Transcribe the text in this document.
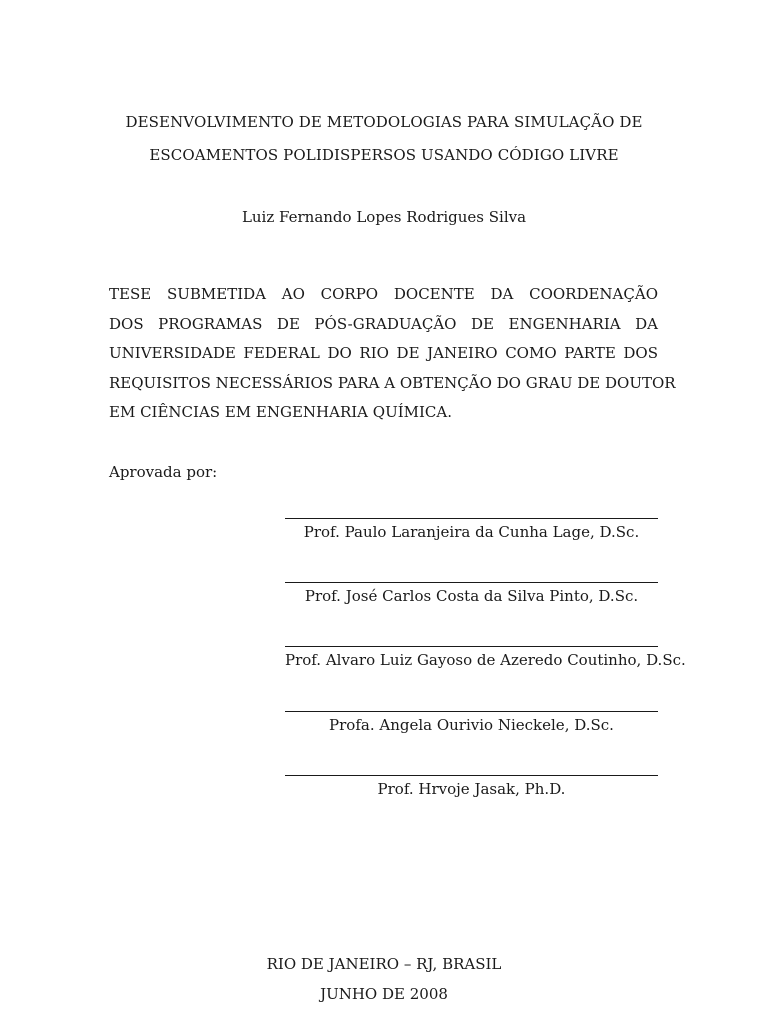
DESENVOLVIMENTO DE METODOLOGIAS PARA SIMULAÇÃO DE
ESCOAMENTOS POLIDISPERSOS USANDO CÓDIGO LIVRE
Luiz Fernando Lopes Rodrigues Silva
TESE SUBMETIDA AO CORPO DOCENTE DA COORDENAÇÃO
DOS PROGRAMAS DE PÓS-GRADUAÇÃO DE ENGENHARIA DA
UNIVERSIDADE FEDERAL DO RIO DE JANEIRO COMO PARTE DOS
REQUISITOS NECESSÁRIOS PARA A OBTENÇÃO DO GRAU DE DOUTOR
EM CIÊNCIAS EM ENGENHARIA QUÍMICA.
Aprovada por:
Prof. Paulo Laranjeira da Cunha Lage, D.Sc.
Prof. José Carlos Costa da Silva Pinto, D.Sc.
Prof. Alvaro Luiz Gayoso de Azeredo Coutinho, D.Sc.
Profa. Angela Ourivio Nieckele, D.Sc.
Prof. Hrvoje Jasak, Ph.D.
RIO DE JANEIRO – RJ, BRASIL
JUNHO DE 2008
